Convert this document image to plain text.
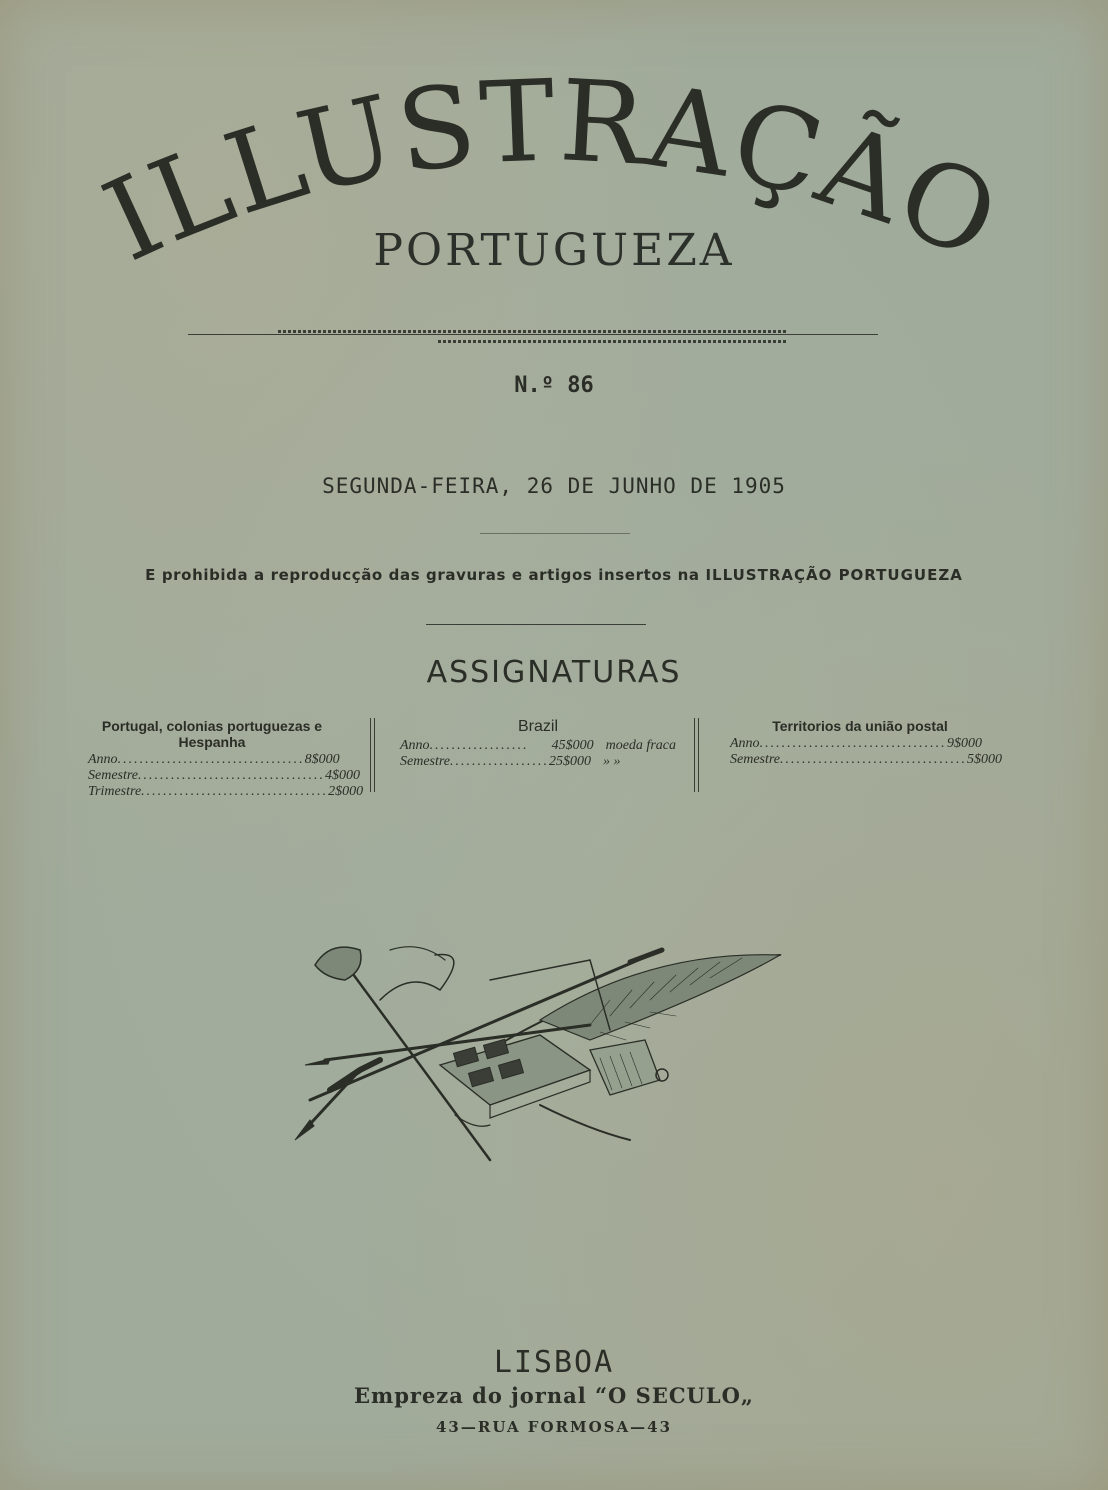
ILLUSTRAÇÃO
PORTUGUEZA
N.º 86
SEGUNDA-FEIRA, 26 DE JUNHO DE 1905
E prohibida a reproducção das gravuras e artigos insertos na ILLUSTRAÇÃO PORTUGUEZA
ASSIGNATURAS
Portugal, colonias portuguezas e Hespanha
Anno .................................. 8$000
Semestre .................................. 4$000
Trimestre .................................. 2$000
Brazil
Anno ..................	45$000 moeda fraca
Semestre .................. 25$000 » »
Territorios da união postal
Anno .................................. 9$000
Semestre .................................. 5$000
LISBOA
Empreza do jornal “O SECULO„
43—RUA FORMOSA—43
